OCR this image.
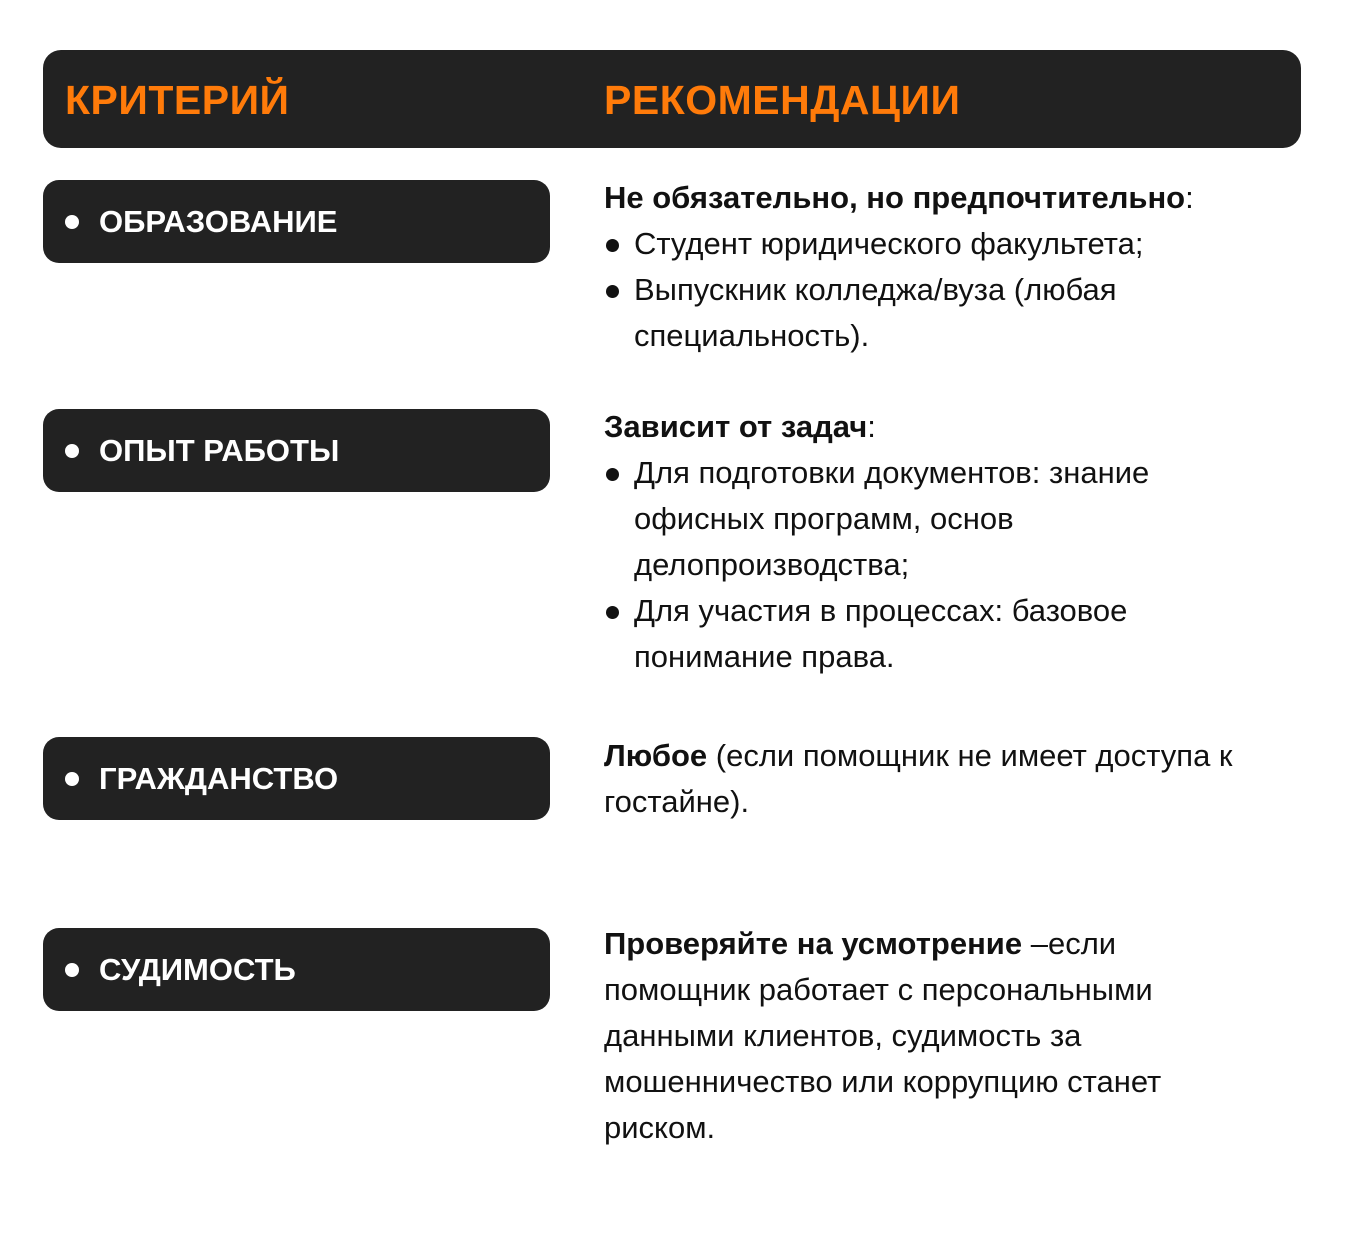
КРИТЕРИЙ	РЕКОМЕНДАЦИИ
ОБРАЗОВАНИЕ
Не обязательно, но предпочтительно:
Студент юридического факультета;
Выпускник колледжа/вуза (любая специальность).
ОПЫТ РАБОТЫ
Зависит от задач:
Для подготовки документов: знание офисных программ, основ делопроизводства;
Для участия в процессах: базовое понимание права.
ГРАЖДАНСТВО
Любое (если помощник не имеет доступа к гостайне).
СУДИМОСТЬ
Проверяйте на усмотрение –если помощник работает с персональными данными клиентов, судимость за мошенничество или коррупцию станет риском.
